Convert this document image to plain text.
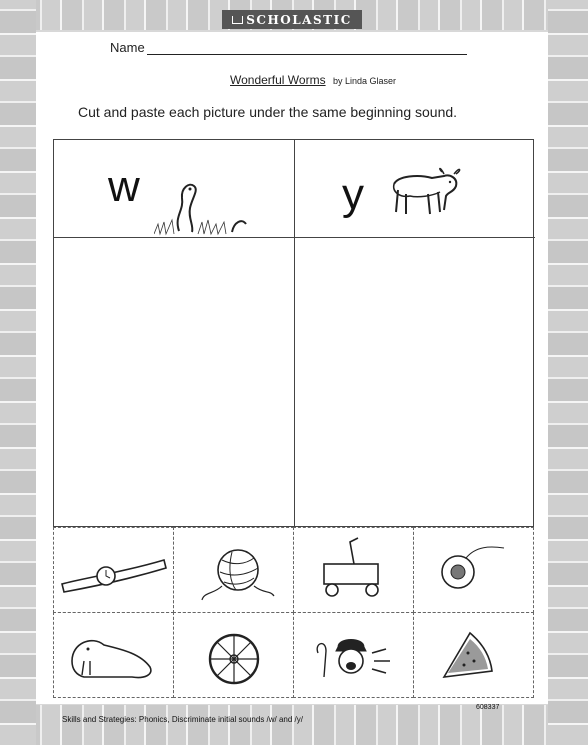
SCHOLASTIC
Name
Wonderful Worms by Linda Glaser
Cut and paste each picture under the same beginning sound.
w	y
608337
Skills and Strategies: Phonics, Discriminate initial sounds /w/ and /y/
